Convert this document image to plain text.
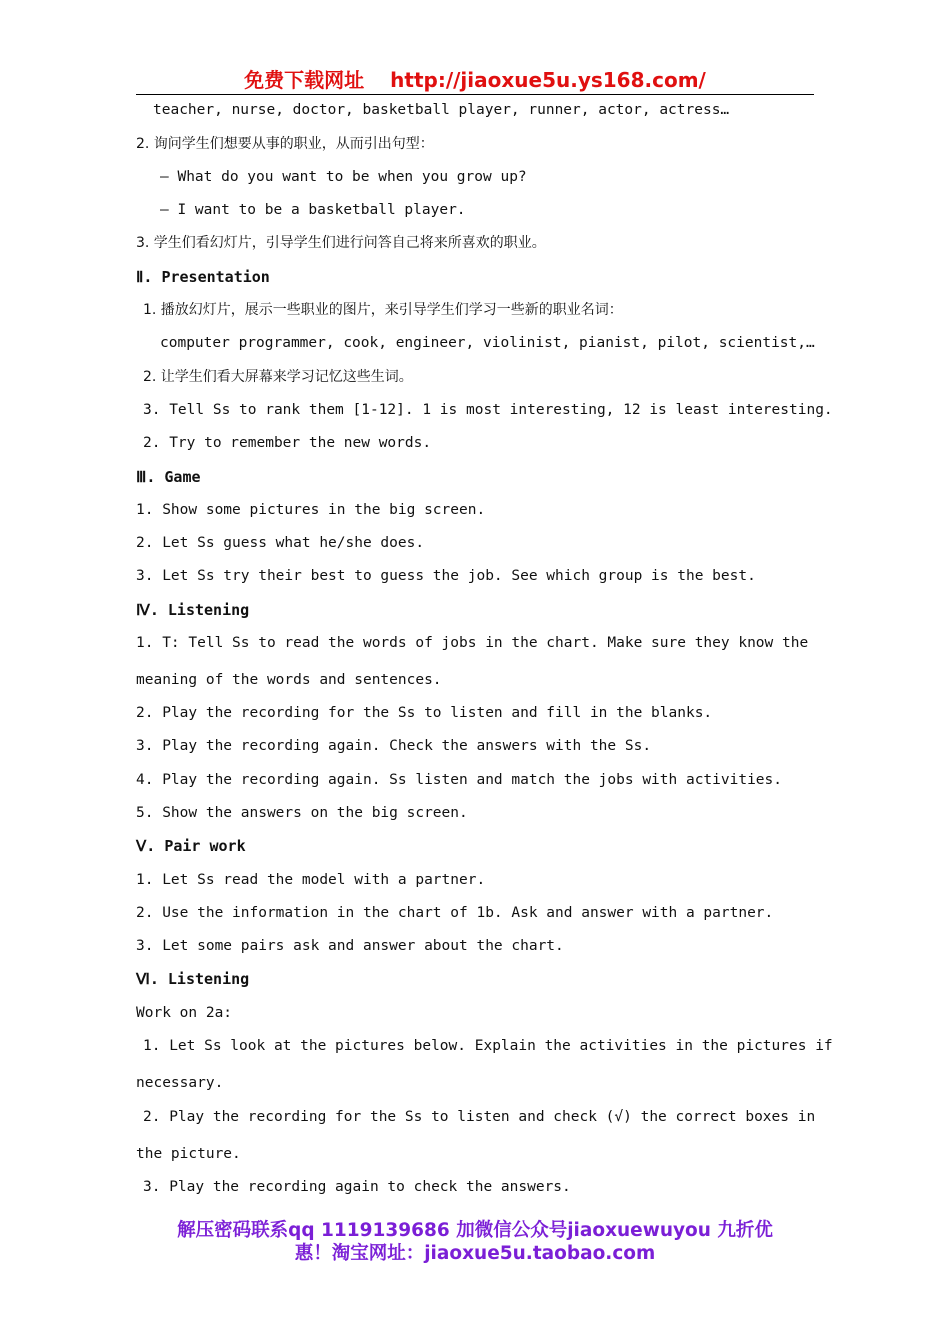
免费下载网址 http://jiaoxue5u.ys168.com/
teacher, nurse, doctor, basketball player, runner, actor, actress…
2. 询问学生们想要从事的职业，从而引出句型：
— What do you want to be when you grow up?
— I want to be a basketball player.
3. 学生们看幻灯片，引导学生们进行问答自己将来所喜欢的职业。
Ⅱ. Presentation
1. 播放幻灯片，展示一些职业的图片，来引导学生们学习一些新的职业名词：
computer programmer, cook, engineer, violinist, pianist, pilot, scientist,…
2. 让学生们看大屏幕来学习记忆这些生词。
3. Tell Ss to rank them [1-12]. 1 is most interesting, 12 is least interesting.
2. Try to remember the new words.
Ⅲ. Game
1. Show some pictures in the big screen.
2. Let Ss guess what he/she does.
3. Let Ss try their best to guess the job. See which group is the best.
Ⅳ. Listening
1. T: Tell Ss to read the words of jobs in the chart. Make sure they know the
meaning of the words and sentences.
2. Play the recording for the Ss to listen and fill in the blanks.
3. Play the recording again. Check the answers with the Ss.
4. Play the recording again. Ss listen and match the jobs with activities.
5. Show the answers on the big screen.
Ⅴ. Pair work
1. Let Ss read the model with a partner.
2. Use the information in the chart of 1b. Ask and answer with a partner.
3. Let some pairs ask and answer about the chart.
Ⅵ. Listening
Work on 2a:
1. Let Ss look at the pictures below. Explain the activities in the pictures if
necessary.
2. Play the recording for the Ss to listen and check (√) the correct boxes in
the picture.
3. Play the recording again to check the answers.
解压密码联系qq 1119139686 加微信公众号jiaoxuewuyou 九折优
惠！淘宝网址：jiaoxue5u.taobao.com
